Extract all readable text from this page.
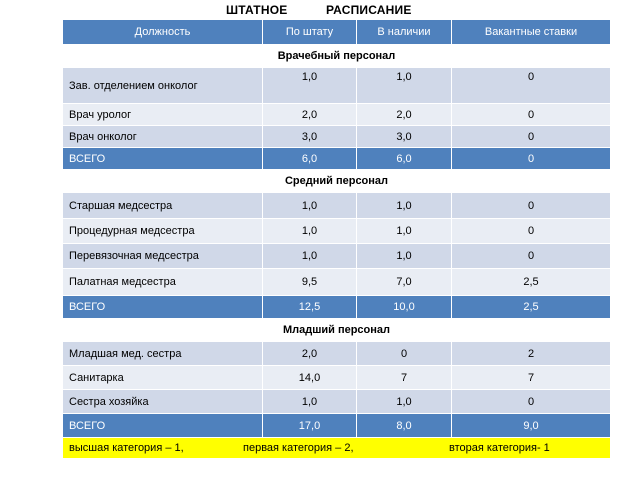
ШТАТНОЕ	РАСПИСАНИЕ
Должность	По штату	В наличии	Вакантные ставки
Врачебный персонал			
Зав. отделением онколог	1,0	1,0	0
Врач уролог	2,0	2,0	0
Врач онколог	3,0	3,0	0
ВСЕГО	6,0	6,0	0
Средний персонал			
Старшая медсестра	1,0	1,0	0
Процедурная медсестра	1,0	1,0	0
Перевязочная медсестра	1,0	1,0	0
Палатная медсестра	9,5	7,0	2,5
ВСЕГО	12,5	10,0	2,5
Младший персонал			
Младшая мед. сестра	2,0	0	2
Санитарка	14,0	7	7
Сестра хозяйка	1,0	1,0	0
ВСЕГО	17,0	8,0	9,0

высшая категория – 1, первая категория – 2, вторая категория- 1			
